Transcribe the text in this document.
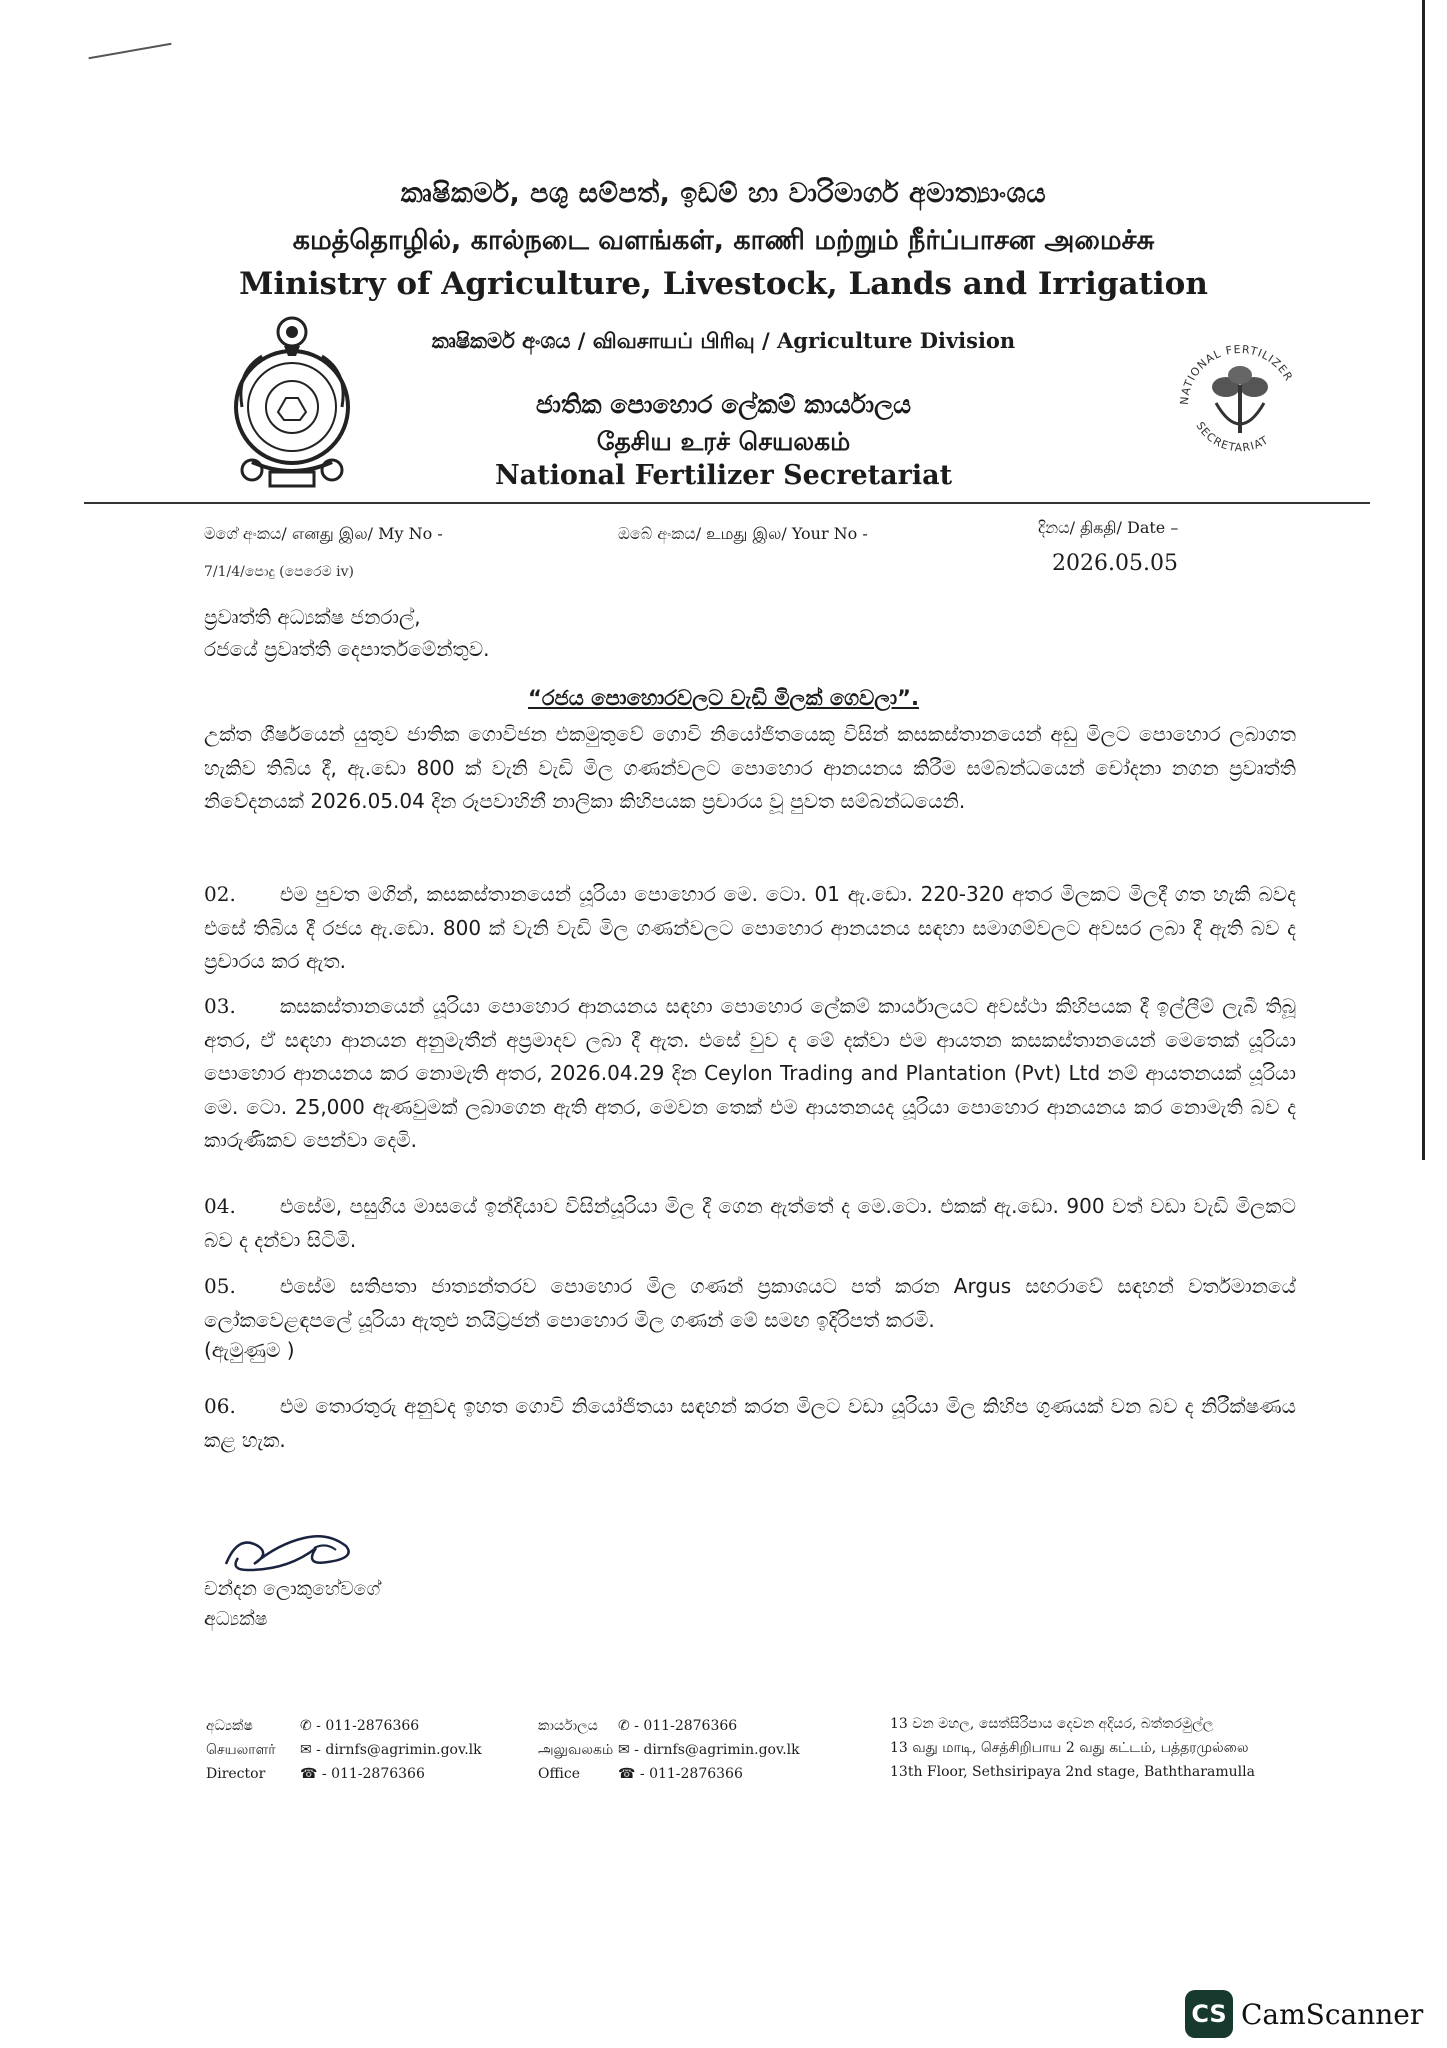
කෘෂිකර්ම, පශු සම්පත්, ඉඩම් හා වාරිමාර්ග අමාත්‍යාංශය
கமத்தொழில், கால்நடை வளங்கள், காணி மற்றும் நீர்ப்பாசன அமைச்சு
Ministry of Agriculture, Livestock, Lands and Irrigation
කෘෂිකර්ම අංශය / விவசாயப் பிரிவு / Agriculture Division
ජාතික පොහොර ලේකම් කාර්යාලය
தேசிய உரச் செயலகம்
National Fertilizer Secretariat
NATIONAL FERTILIZER
SECRETARIAT
මගේ අංකය/ எனது இல/ My No -
7/1/4/පොදු (පෙරෙම iv)
ඔබේ අංකය/ உமது இல/ Your No -	දිනය/ திகதி/ Date –
2026.05.05
ප්‍රවෘත්ති අධ්‍යක්ෂ ජනරාල්,
රජයේ ප්‍රවෘත්ති දෙපාර්තමේන්තුව.
“රජය පොහොරවලට වැඩි මිලක් ගෙවලා”.
උක්ත ශීර්ෂයෙන් යුතුව ජාතික ගොවිජන එකමුතුවේ ගොවි නියෝජිතයෙකු විසින් කසකස්තානයෙන් අඩු මිලට පොහොර ලබාගත හැකිව තිබිය දී, ඇ.ඩො 800 ක් වැනි වැඩි මිල ගණන්වලට පොහොර ආනයනය කිරීම සම්බන්ධයෙන් චෝදනා නගන ප්‍රවෘත්ති නිවේදනයක් 2026.05.04 දින රූපවාහිනී නාලිකා කිහිපයක ප්‍රචාරය වූ පුවත සම්බන්ධයෙනි.
02. එම පුවත මගින්, කසකස්තානයෙන් යූරියා පොහොර මෙ. ටො. 01 ඇ.ඩො. 220-320 අතර මිලකට මිලදී ගත හැකි බවද එසේ තිබිය දී රජය ඇ.ඩො. 800 ක් වැනි වැඩි මිල ගණන්වලට පොහොර ආනයනය සඳහා සමාගම්වලට අවසර ලබා දී ඇති බව ද ප්‍රචාරය කර ඇත.
03. කසකස්තානයෙන් යූරියා පොහොර ආනයනය සඳහා පොහොර ලේකම් කාර්යාලයට අවස්ථා කිහිපයක දී ඉල්ලීම් ලැබී තිබූ අතර, ඒ සඳහා ආනයන අනුමැතීන් අප්‍රමාදව ලබා දී ඇත. එසේ වුව ද මේ දක්වා එම ආයතන කසකස්තානයෙන් මෙතෙක් යූරියා පොහොර ආනයනය කර නොමැති අතර, 2026.04.29 දින Ceylon Trading and Plantation (Pvt) Ltd නම් ආයතනයක් යූරියා මෙ. ටො. 25,000 ඇණවුමක් ලබාගෙන ඇති අතර, මෙවන තෙක් එම ආයතනයද යූරියා පොහොර ආනයනය කර නොමැති බව ද කාරුණිකව පෙන්වා දෙමි.
04. එසේම, පසුගිය මාසයේ ඉන්දියාව විසින්යූරියා මිල දී ගෙන ඇත්තේ ද මෙ.ටො. එකක් ඇ.ඩො. 900 වත් වඩා වැඩි මිලකට බව ද දන්වා සිටිමි.
05. එසේම සතිපතා ජාත්‍යන්තරව පොහොර මිල ගණන් ප්‍රකාශයට පත් කරන Argus සඟරාවේ සඳහන් වර්තමානයේ ලෝකවෙළඳපලේ යූරියා ඇතුළු නයිට්‍රජන් පොහොර මිල ගණන් මේ සමඟ ඉදිරිපත් කරමි.
(ඇමුණුම )
06. එම තොරතුරු අනුවද ඉහත ගොවි නියෝජිතයා සඳහන් කරන මිලට වඩා යූරියා මිල කිහිප ගුණයක් වන බව ද නිරීක්ෂණය කළ හැක.
චන්දන ලොකුහේවගේ
අධ්‍යක්ෂ
අධ්‍යක්ෂ
செயலாளர்
Director
✆ - 011-2876366
✉ - dirnfs@agrimin.gov.lk
☎ - 011-2876366
කාර්යාලය
அலுவலகம்
Office
✆ - 011-2876366
✉ - dirnfs@agrimin.gov.lk
☎ - 011-2876366
13 වන මහල, සෙත්සිරිපාය දෙවන අදියර, බත්තරමුල්ල
13 வது மாடி, செத்சிறிபாய 2 வது கட்டம், பத்தரமுல்லை
13th Floor, Sethsiripaya 2nd stage, Baththaramulla
CS CamScanner
